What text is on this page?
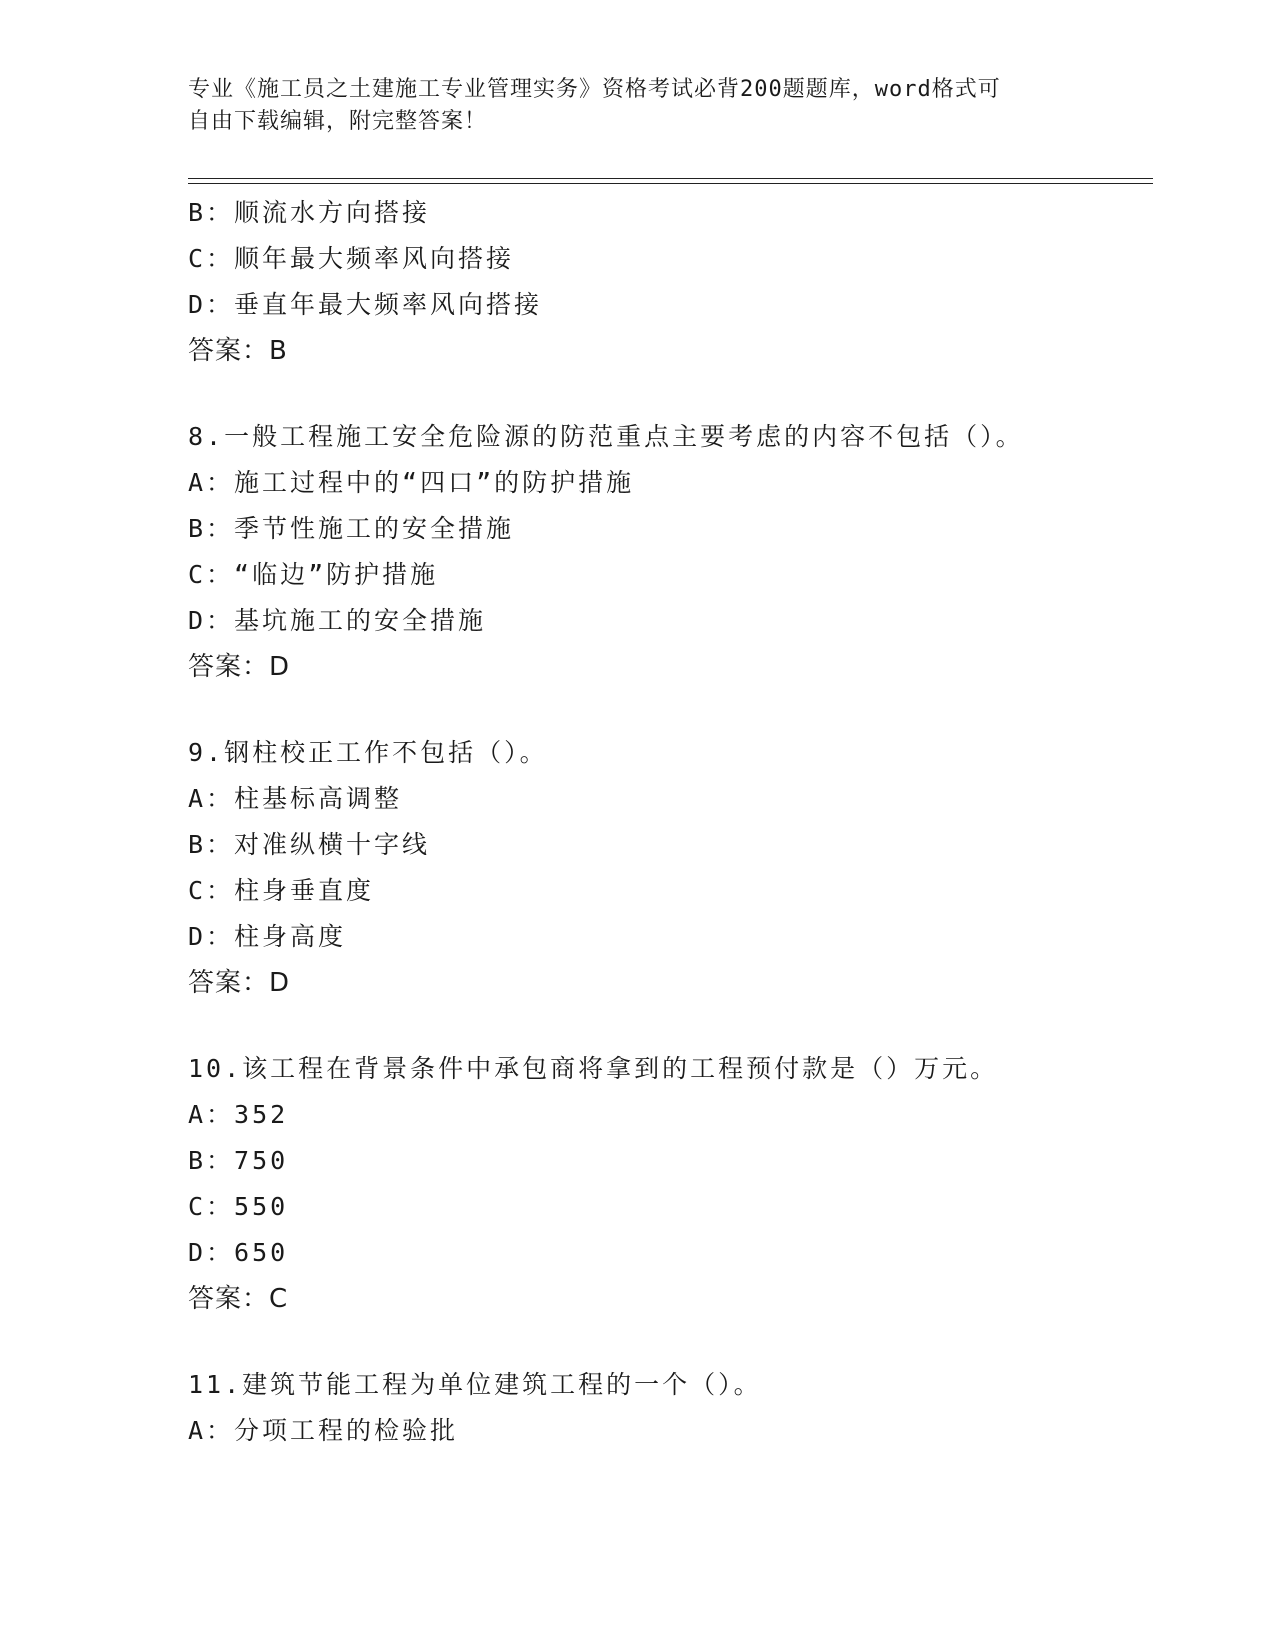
专业《施工员之土建施工专业管理实务》资格考试必背200题题库，word格式可
自由下载编辑，附完整答案！
B：顺流水方向搭接
C：顺年最大频率风向搭接
D：垂直年最大频率风向搭接
答案：B
8.一般工程施工安全危险源的防范重点主要考虑的内容不包括（）。
A：施工过程中的“四口”的防护措施
B：季节性施工的安全措施
C：“临边”防护措施
D：基坑施工的安全措施
答案：D
9.钢柱校正工作不包括（）。
A：柱基标高调整
B：对准纵横十字线
C：柱身垂直度
D：柱身高度
答案：D
10.该工程在背景条件中承包商将拿到的工程预付款是（）万元。
A：352
B：750
C：550
D：650
答案：C
11.建筑节能工程为单位建筑工程的一个（）。
A：分项工程的检验批
